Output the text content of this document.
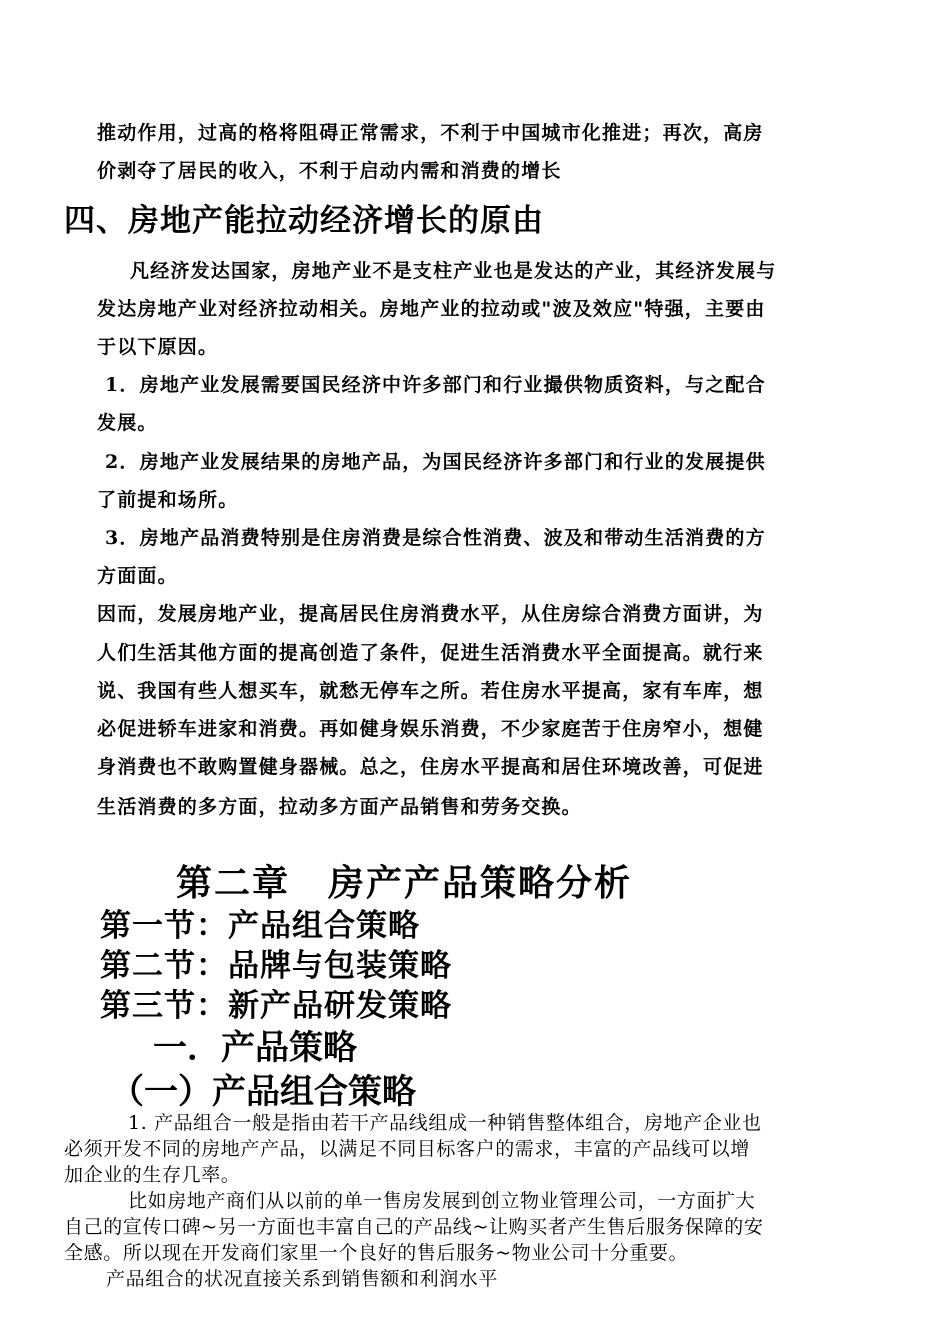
推动作用，过高的格将阻碍正常需求，不利于中国城市化推进；再次，高房

价剥夺了居民的收入，不利于启动内需和消费的增长

四、房地产能拉动经济增长的原由

凡经济发达国家，房地产业不是支柱产业也是发达的产业，其经济发展与

发达房地产业对经济拉动相关。房地产业的拉动或"波及效应"特强，主要由

于以下原因。

1．房地产业发展需要国民经济中许多部门和行业撮供物质资料，与之配合

发展。

2．房地产业发展结果的房地产品，为国民经济许多部门和行业的发展提供

了前提和场所。

3．房地产品消费特别是住房消费是综合性消费、波及和带动生活消费的方

方面面。

因而，发展房地产业，提高居民住房消费水平，从住房综合消费方面讲，为

人们生活其他方面的提高创造了条件，促进生活消费水平全面提高。就行来

说、我国有些人想买车，就愁无停车之所。若住房水平提高，家有车库，想

必促进轿车进家和消费。再如健身娱乐消费，不少家庭苦于住房窄小，想健

身消费也不敢购置健身器械。总之，住房水平提高和居住环境改善，可促进

生活消费的多方面，拉动多方面产品销售和劳务交换。

第二章　房产产品策略分析

第一节：产品组合策略

第二节：品牌与包装策略

第三节：新产品研发策略

一．产品策略

（一）产品组合策略

1. 产品组合一般是指由若干产品线组成一种销售整体组合，房地产企业也

必须开发不同的房地产产品，以满足不同目标客户的需求，丰富的产品线可以增

加企业的生存几率。

比如房地产商们从以前的单一售房发展到创立物业管理公司，一方面扩大

自己的宣传口碑~另一方面也丰富自己的产品线~让购买者产生售后服务保障的安

全感。所以现在开发商们家里一个良好的售后服务~物业公司十分重要。

产品组合的状况直接关系到销售额和利润水平
